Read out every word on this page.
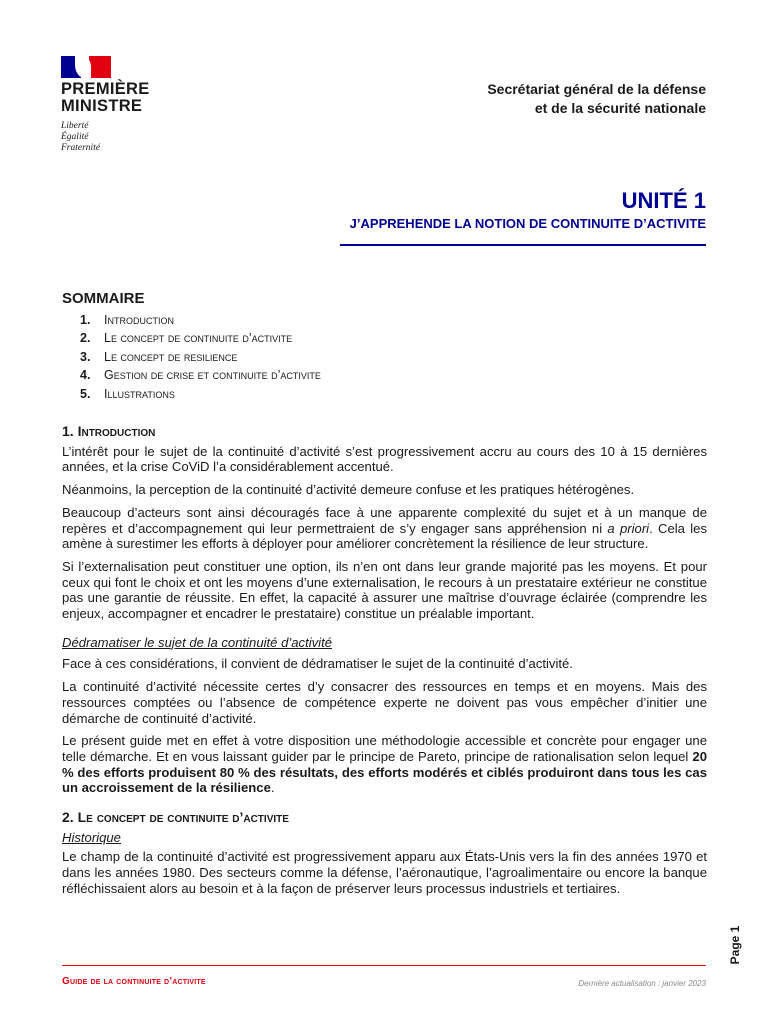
PREMIÈRE
MINISTRE
Liberté
Égalité
Fraternité
Secrétariat général de la défense
et de la sécurité nationale
UNITÉ 1
J’APPREHENDE LA NOTION DE CONTINUITE D’ACTIVITE
SOMMAIRE
1.	Introduction
2.	Le concept de continuite d’activite
3.	Le concept de resilience
4.	Gestion de crise et continuite d’activite
5.	Illustrations
1. Introduction

L’intérêt pour le sujet de la continuité d’activité s’est progressivement accru au cours des 10 à 15 dernières années, et la crise CoViD l’a considérablement accentué.

Néanmoins, la perception de la continuité d’activité demeure confuse et les pratiques hétérogènes.

Beaucoup d’acteurs sont ainsi découragés face à une apparente complexité du sujet et à un manque de repères et d’accompagnement qui leur permettraient de s’y engager sans appréhension ni a priori. Cela les amène à surestimer les efforts à déployer pour améliorer concrètement la résilience de leur structure.

Si l’externalisation peut constituer une option, ils n’en ont dans leur grande majorité pas les moyens. Et pour ceux qui font le choix et ont les moyens d’une externalisation, le recours à un prestataire extérieur ne constitue pas une garantie de réussite. En effet, la capacité à assurer une maîtrise d’ouvrage éclairée (comprendre les enjeux, accompagner et encadrer le prestataire) constitue un préalable important.

Dédramatiser le sujet de la continuité d’activité

Face à ces considérations, il convient de dédramatiser le sujet de la continuité d’activité.

La continuité d’activité nécessite certes d’y consacrer des ressources en temps et en moyens. Mais des ressources comptées ou l’absence de compétence experte ne doivent pas vous empêcher d’initier une démarche de continuité d’activité.

Le présent guide met en effet à votre disposition une méthodologie accessible et concrète pour engager une telle démarche. Et en vous laissant guider par le principe de Pareto, principe de rationalisation selon lequel 20 % des efforts produisent 80 % des résultats, des efforts modérés et ciblés produiront dans tous les cas un accroissement de la résilience.

2. Le concept de continuite d’activite

Historique

Le champ de la continuité d’activité est progressivement apparu aux États-Unis vers la fin des années 1970 et dans les années 1980. Des secteurs comme la défense, l’aéronautique, l’agroalimentaire ou encore la banque réfléchissaient alors au besoin et à la façon de préserver leurs processus industriels et tertiaires.

Page 1
Guide de la continuite d’activite	Dernière actualisation : janvier 2023
